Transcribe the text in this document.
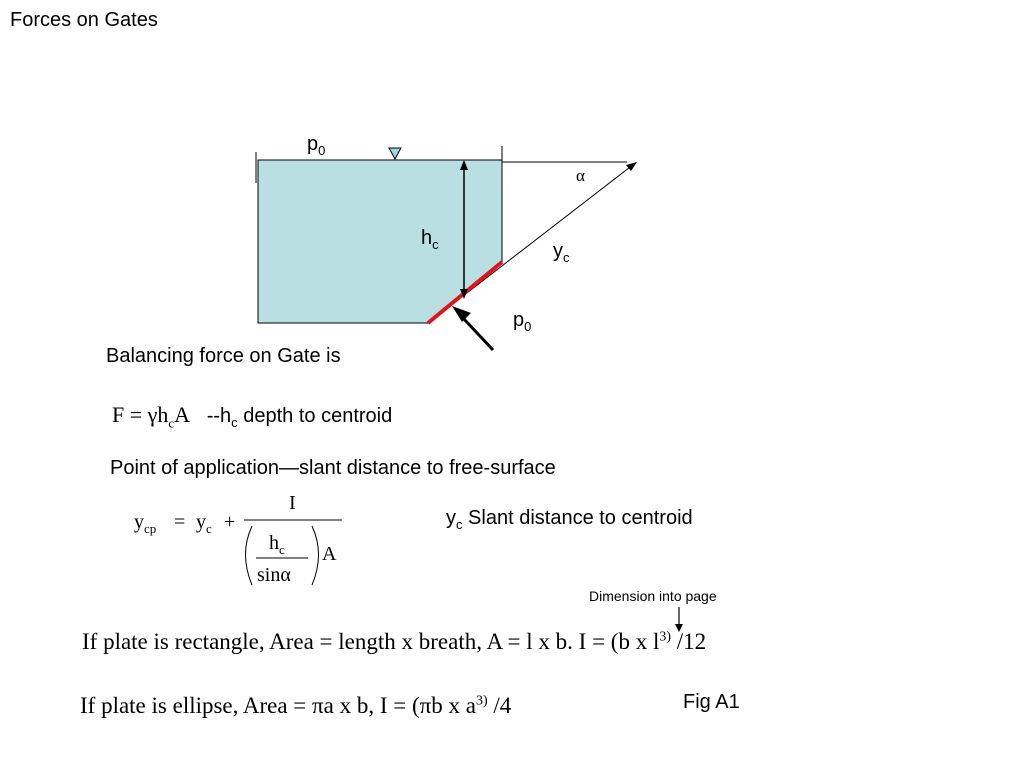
Forces on Gates
$p_0$
α
$h_c$	$y_c$
$p_0$
Balancing force on Gate is
$F = \gamma h_cA$ $--h_c$ depth to centroid
Point of application—slant distance to free-surface
$y_{cp} = y_c$ +
I
$h_c$
sinα
A
$y_c$ Slant distance to centroid
Dimension into page
If plate is rectangle, Area = length x breath, A = l x b. I = (b x $l^{3)}$ /12
If plate is ellipse, Area = πa x b, I = (πb x $a^{3)}$ /4	Fig A1
